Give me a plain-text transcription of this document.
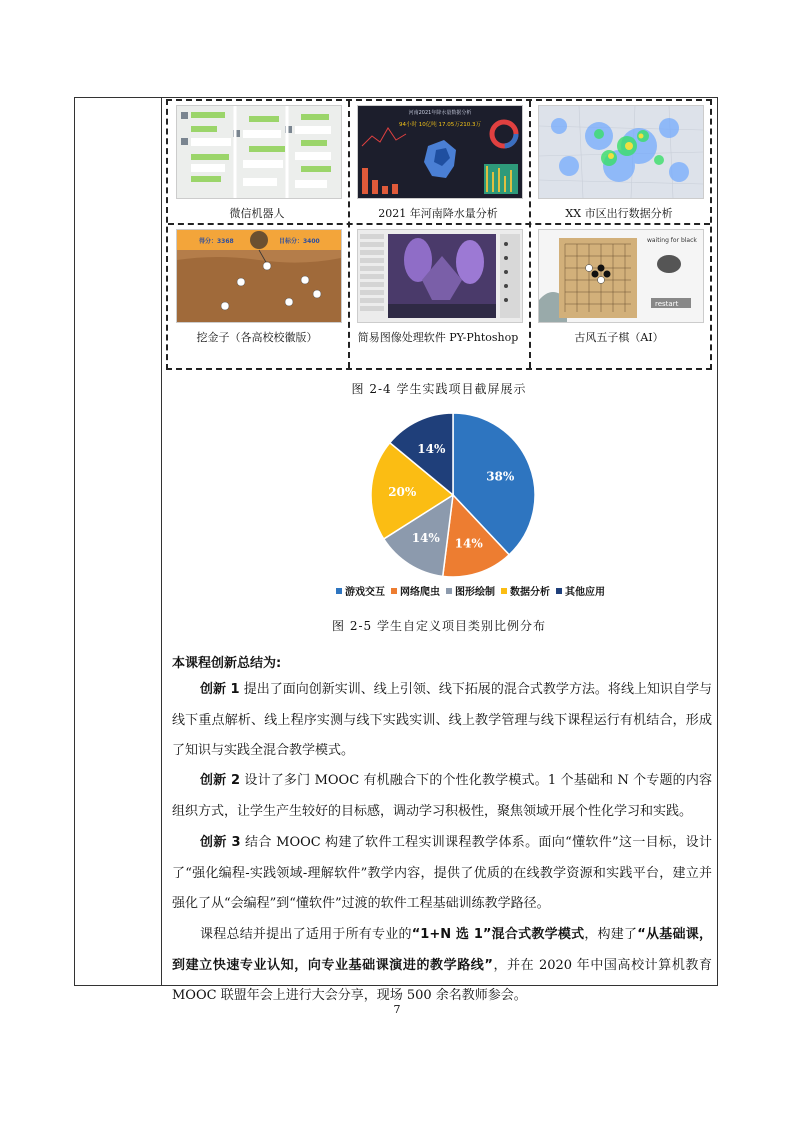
微信机器人
河南2021年降水量数据分析
94小时 10亿吨 17.05万210.3万
2021 年河南降水量分析	XX 市区出行数据分析
得分：3368	目标分：3400
挖金子（各高校校徽版）	简易图像处理软件 PY-Phtoshop
waiting for black
restart
古风五子棋（AI）
图 2-4 学生实践项目截屏展示
38%
14%
14%
20%
14%
游戏交互 网络爬虫 图形绘制 数据分析 其他应用
图 2-5 学生自定义项目类别比例分布
本课程创新总结为:
创新 1 提出了面向创新实训、线上引领、线下拓展的混合式教学方法。将线上知识自学与线下重点解析、线上程序实测与线下实践实训、线上教学管理与线下课程运行有机结合，形成了知识与实践全混合教学模式。
创新 2 设计了多门 MOOC 有机融合下的个性化教学模式。1 个基础和 N 个专题的内容组织方式，让学生产生较好的目标感，调动学习积极性，聚焦领域开展个性化学习和实践。
创新 3 结合 MOOC 构建了软件工程实训课程教学体系。面向“懂软件”这一目标，设计了“强化编程-实践领域-理解软件”教学内容，提供了优质的在线教学资源和实践平台，建立并强化了从“会编程”到“懂软件”过渡的软件工程基础训练教学路径。
课程总结并提出了适用于所有专业的“1+N 选 1”混合式教学模式，构建了“从基础课，到建立快速专业认知，向专业基础课演进的教学路线”，并在 2020 年中国高校计算机教育 MOOC 联盟年会上进行大会分享，现场 500 余名教师参会。
7
